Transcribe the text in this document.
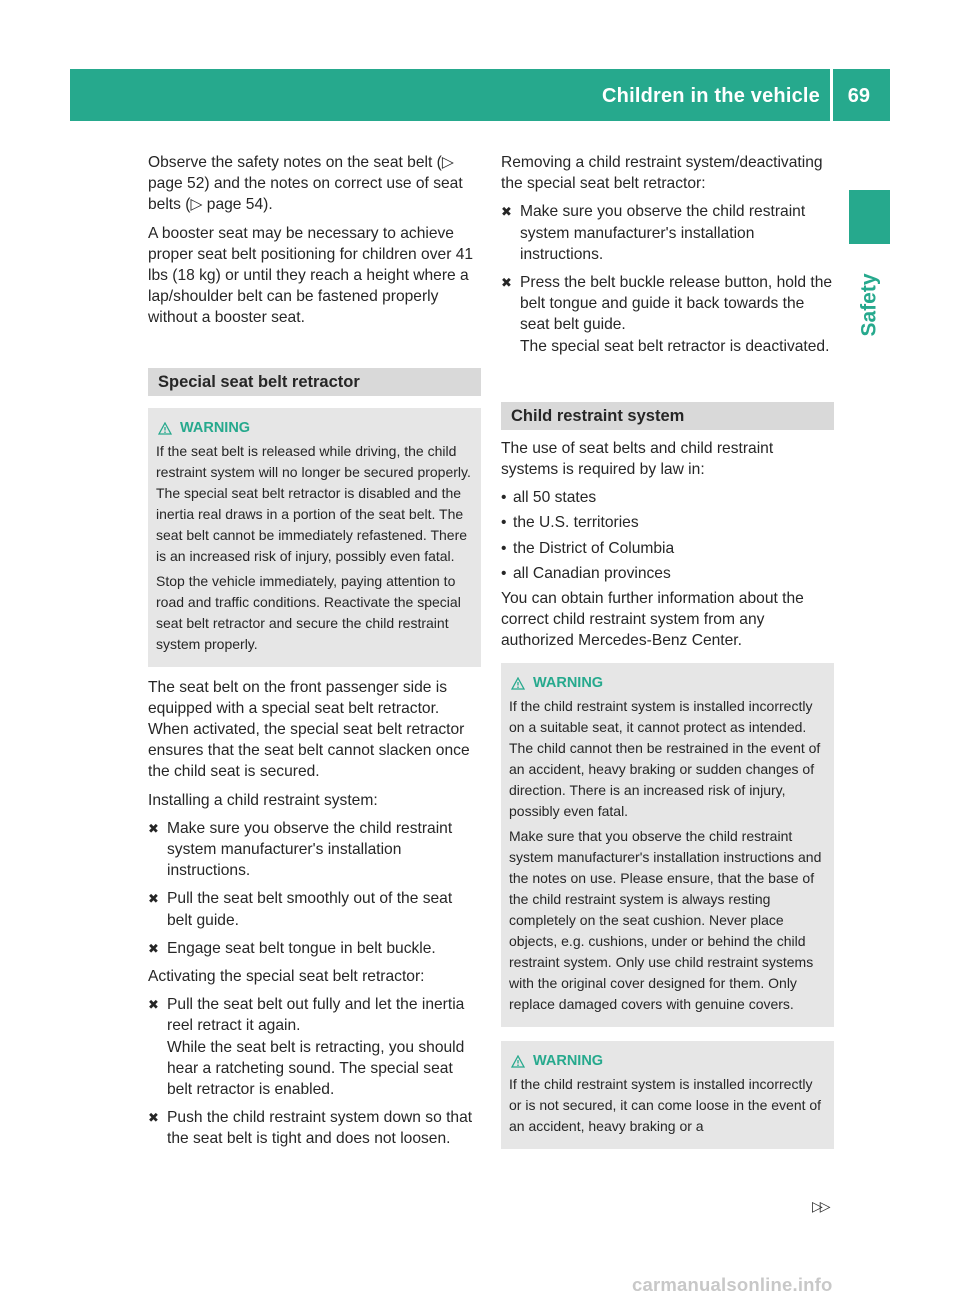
Children in the vehicle 69
Safety

Observe the safety notes on the seat belt (▷ page 52) and the notes on correct use of seat belts (▷ page 54).

A booster seat may be necessary to achieve proper seat belt positioning for children over 41 lbs (18 kg) or until they reach a height where a lap/shoulder belt can be fastened properly without a booster seat.

Special seat belt retractor
WARNING

If the seat belt is released while driving, the child restraint system will no longer be secured properly. The special seat belt retractor is disabled and the inertia real draws in a portion of the seat belt. The seat belt cannot be immediately refastened. There is an increased risk of injury, possibly even fatal.

Stop the vehicle immediately, paying attention to road and traffic conditions. Reactivate the special seat belt retractor and secure the child restraint system properly.

The seat belt on the front passenger side is equipped with a special seat belt retractor. When activated, the special seat belt retractor ensures that the seat belt cannot slacken once the child seat is secured.

Installing a child restraint system:

✖ Make sure you observe the child restraint system manufacturer's installation instructions.
✖ Pull the seat belt smoothly out of the seat belt guide.
✖ Engage seat belt tongue in belt buckle.

Activating the special seat belt retractor:

✖ Pull the seat belt out fully and let the inertia reel retract it again.
While the seat belt is retracting, you should hear a ratcheting sound. The special seat belt retractor is enabled.
✖ Push the child restraint system down so that the seat belt is tight and does not loosen.

Removing a child restraint system/deactivating the special seat belt retractor:

✖ Make sure you observe the child restraint system manufacturer's installation instructions.
✖ Press the belt buckle release button, hold the belt tongue and guide it back towards the seat belt guide.
The special seat belt retractor is deactivated.
Child restraint system

The use of seat belts and child restraint systems is required by law in:

• all 50 states
• the U.S. territories
• the District of Columbia
• all Canadian provinces

You can obtain further information about the correct child restraint system from any authorized Mercedes-Benz Center.

WARNING

If the child restraint system is installed incorrectly on a suitable seat, it cannot protect as intended. The child cannot then be restrained in the event of an accident, heavy braking or sudden changes of direction. There is an increased risk of injury, possibly even fatal.

Make sure that you observe the child restraint system manufacturer's installation instructions and the notes on use. Please ensure, that the base of the child restraint system is always resting completely on the seat cushion. Never place objects, e.g. cushions, under or behind the child restraint system. Only use child restraint systems with the original cover designed for them. Only replace damaged covers with genuine covers.

WARNING

If the child restraint system is installed incorrectly or is not secured, it can come loose in the event of an accident, heavy braking or a

▷▷
carmanualsonline.info
